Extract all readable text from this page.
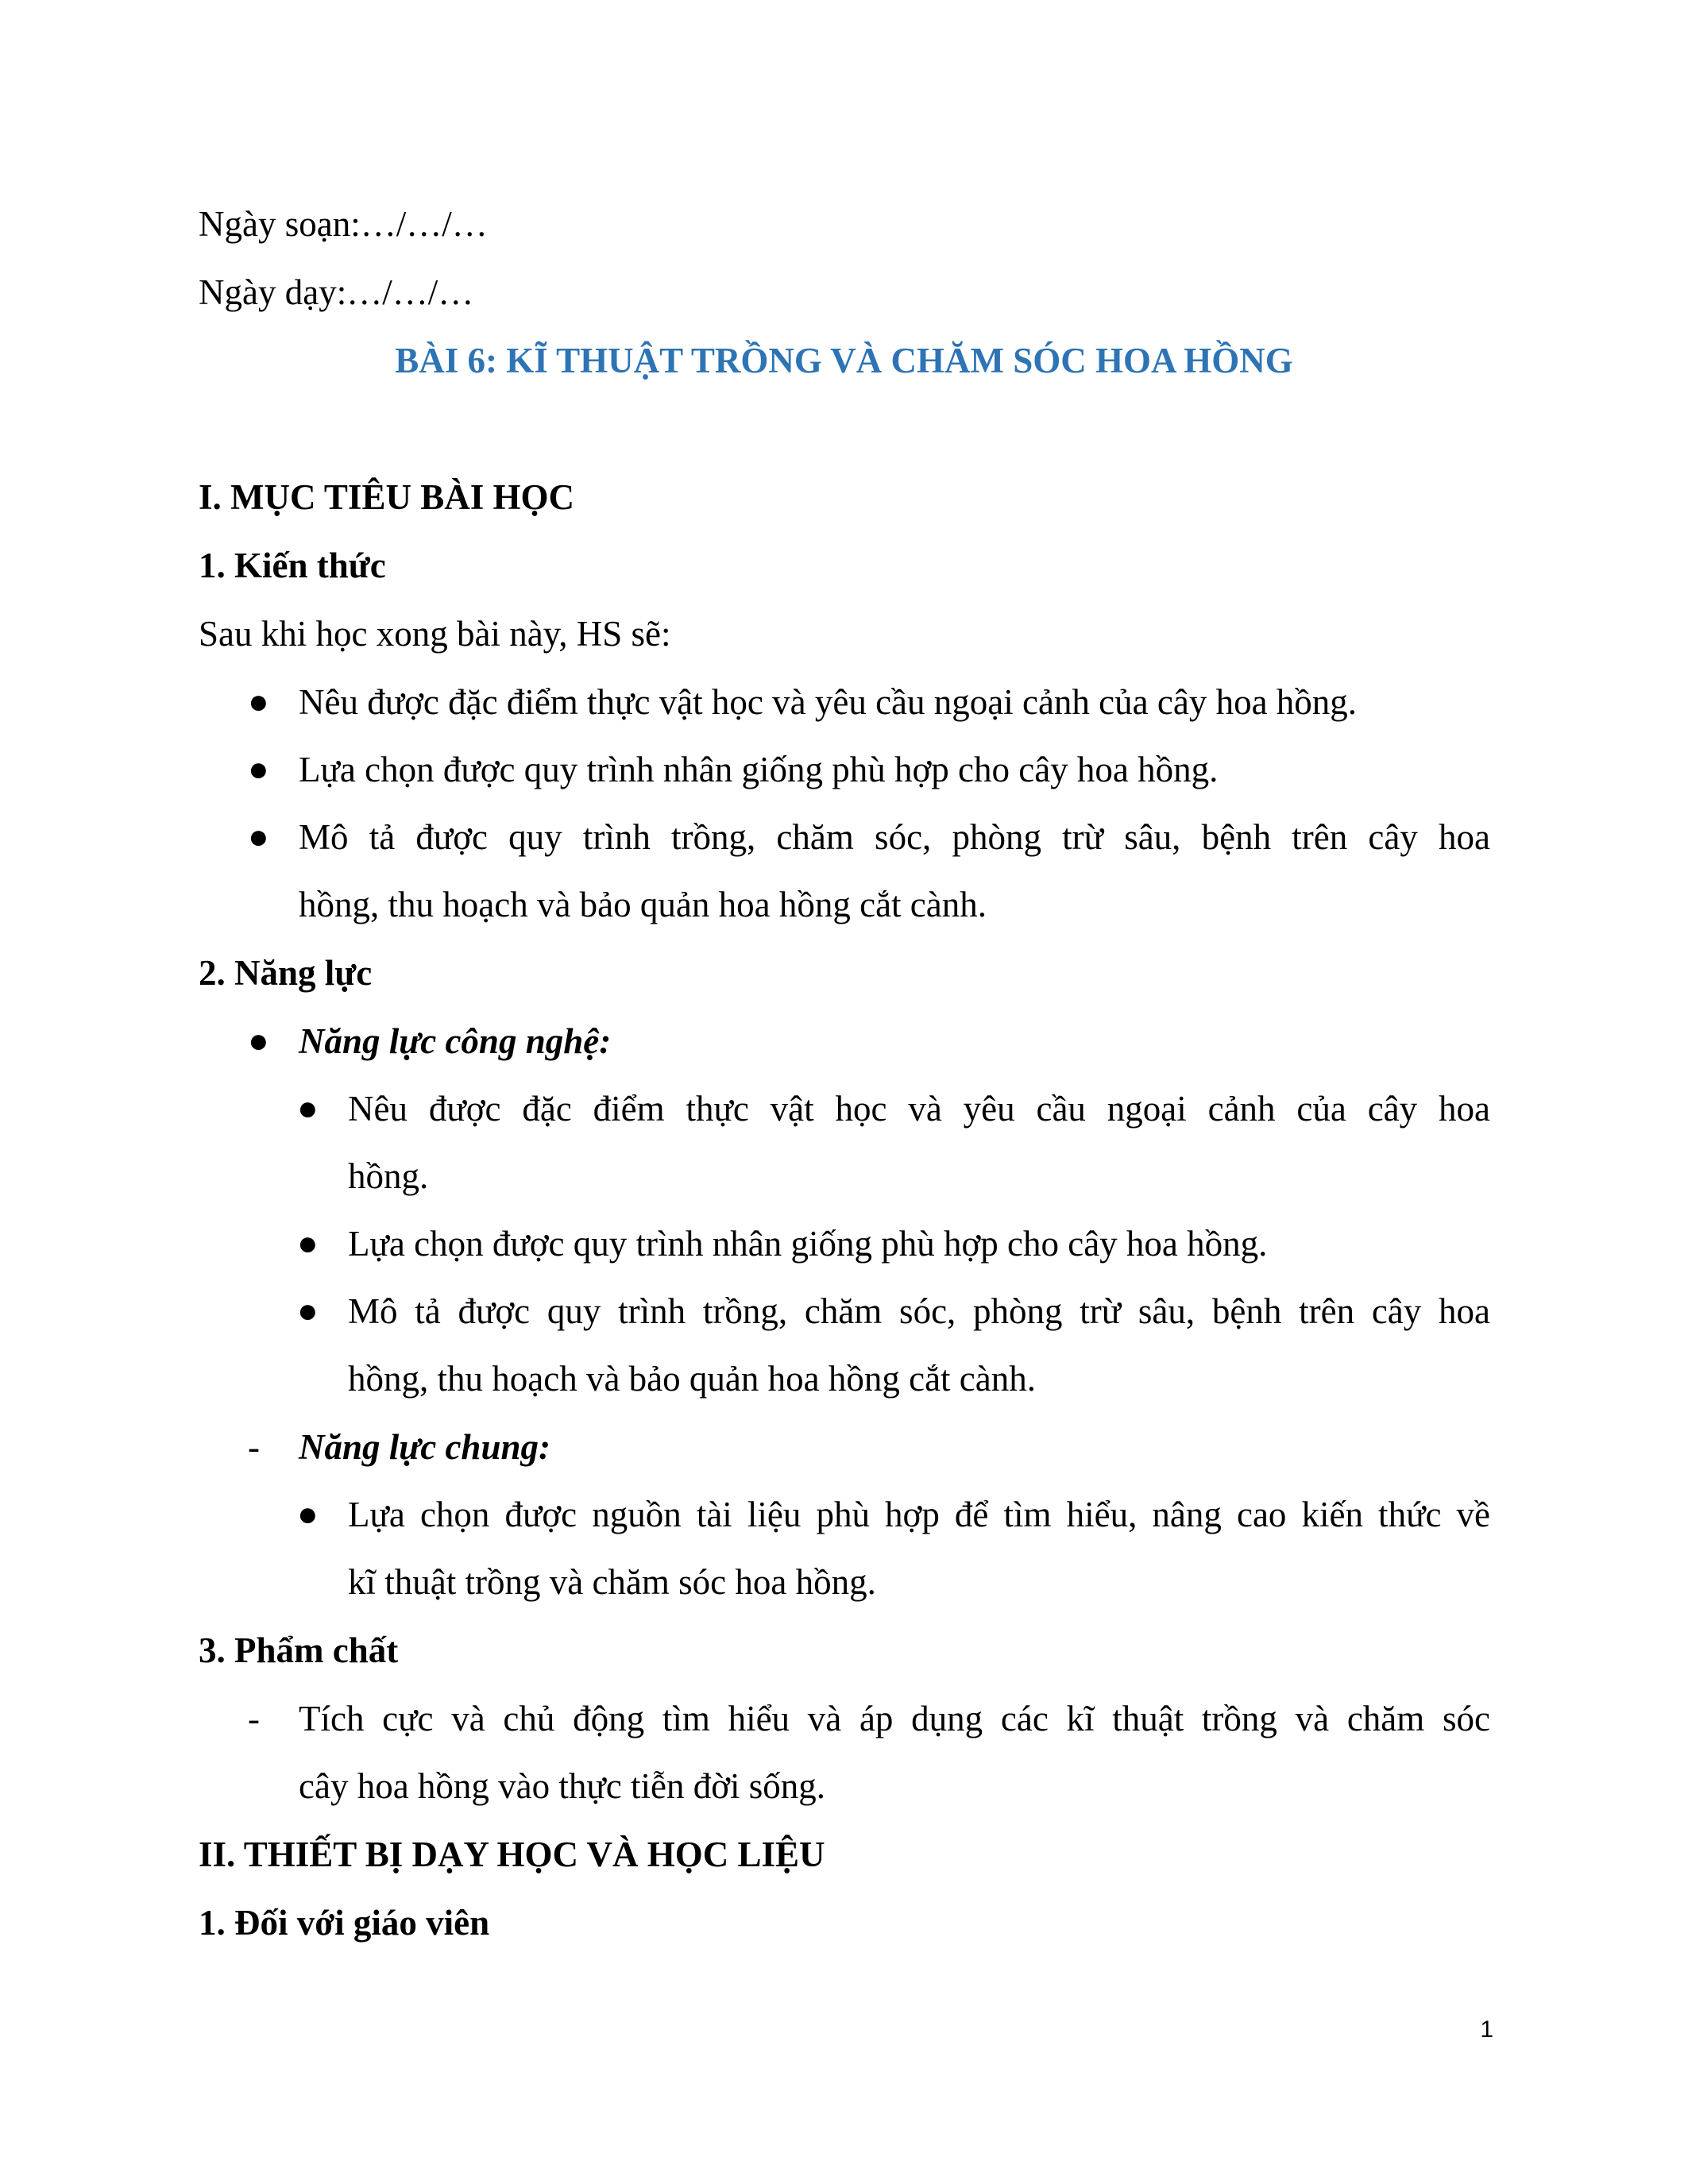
Ngày soạn:…/…/…
Ngày dạy:…/…/…
BÀI 6: KĨ THUẬT TRỒNG VÀ CHĂM SÓC HOA HỒNG
I. MỤC TIÊU BÀI HỌC
1. Kiến thức
Sau khi học xong bài này, HS sẽ:
● Nêu được đặc điểm thực vật học và yêu cầu ngoại cảnh của cây hoa hồng.
● Lựa chọn được quy trình nhân giống phù hợp cho cây hoa hồng.
● Mô tả được quy trình trồng, chăm sóc, phòng trừ sâu, bệnh trên cây hoa
hồng, thu hoạch và bảo quản hoa hồng cắt cành.
2. Năng lực
● Năng lực công nghệ:
● Nêu được đặc điểm thực vật học và yêu cầu ngoại cảnh của cây hoa
hồng.
● Lựa chọn được quy trình nhân giống phù hợp cho cây hoa hồng.
● Mô tả được quy trình trồng, chăm sóc, phòng trừ sâu, bệnh trên cây hoa
hồng, thu hoạch và bảo quản hoa hồng cắt cành.
- Năng lực chung:
● Lựa chọn được nguồn tài liệu phù hợp để tìm hiểu, nâng cao kiến thức về
kĩ thuật trồng và chăm sóc hoa hồng.
3. Phẩm chất
- Tích cực và chủ động tìm hiểu và áp dụng các kĩ thuật trồng và chăm sóc
cây hoa hồng vào thực tiễn đời sống.
II. THIẾT BỊ DẠY HỌC VÀ HỌC LIỆU
1. Đối với giáo viên
1
